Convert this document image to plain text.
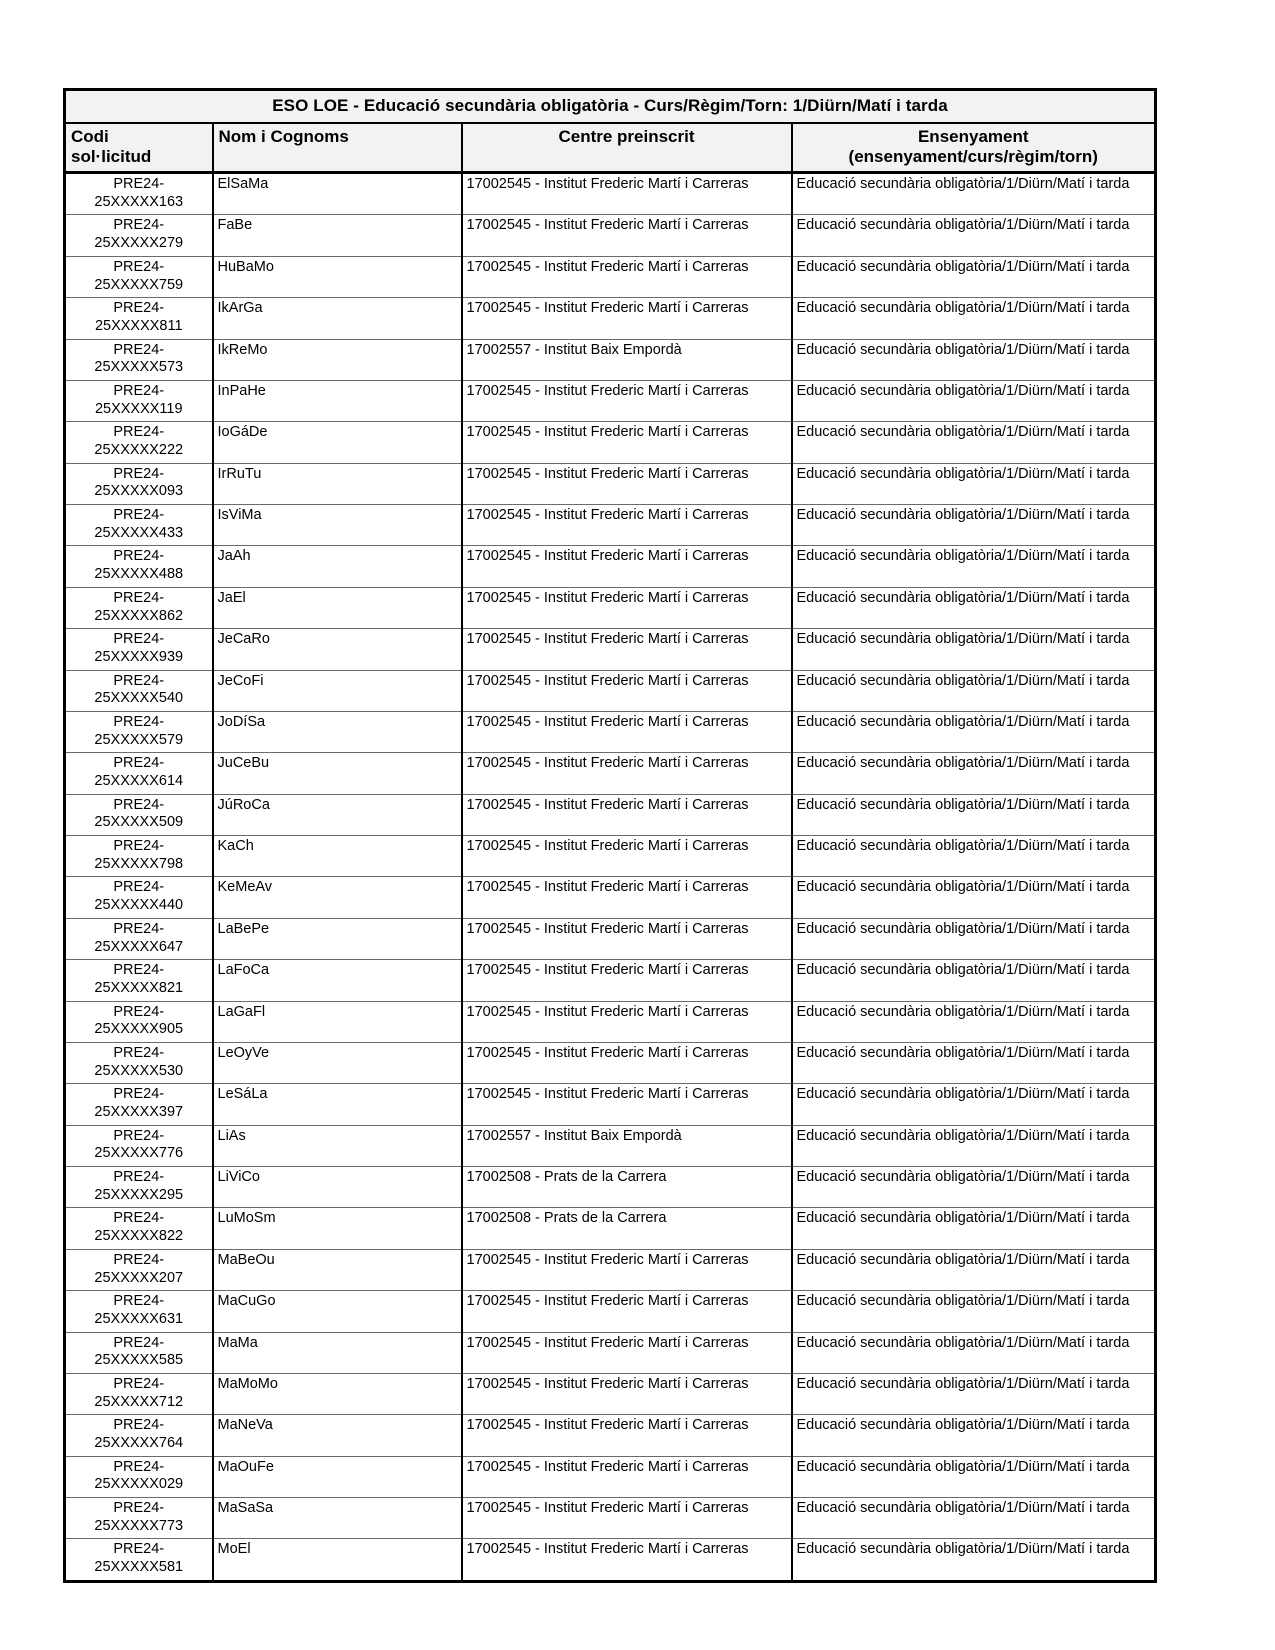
ESO LOE - Educació secundària obligatòria - Curs/Règim/Torn: 1/Diürn/Matí i tarda			

Codi
sol·licitud	Nom i Cognoms	Centre preinscrit	Ensenyament
(ensenyament/curs/règim/torn)

PRE24-
25XXXXX163	ElSaMa	17002545 - Institut Frederic Martí i Carreras	Educació secundària obligatòria/1/Diürn/Matí i tarda

PRE24-
25XXXXX279	FaBe	17002545 - Institut Frederic Martí i Carreras	Educació secundària obligatòria/1/Diürn/Matí i tarda

PRE24-
25XXXXX759	HuBaMo	17002545 - Institut Frederic Martí i Carreras	Educació secundària obligatòria/1/Diürn/Matí i tarda

PRE24-
25XXXXX811	IkArGa	17002545 - Institut Frederic Martí i Carreras	Educació secundària obligatòria/1/Diürn/Matí i tarda

PRE24-
25XXXXX573	IkReMo	17002557 - Institut Baix Empordà	Educació secundària obligatòria/1/Diürn/Matí i tarda

PRE24-
25XXXXX119	InPaHe	17002545 - Institut Frederic Martí i Carreras	Educació secundària obligatòria/1/Diürn/Matí i tarda

PRE24-
25XXXXX222	IoGáDe	17002545 - Institut Frederic Martí i Carreras	Educació secundària obligatòria/1/Diürn/Matí i tarda

PRE24-
25XXXXX093	IrRuTu	17002545 - Institut Frederic Martí i Carreras	Educació secundària obligatòria/1/Diürn/Matí i tarda

PRE24-
25XXXXX433	IsViMa	17002545 - Institut Frederic Martí i Carreras	Educació secundària obligatòria/1/Diürn/Matí i tarda

PRE24-
25XXXXX488	JaAh	17002545 - Institut Frederic Martí i Carreras	Educació secundària obligatòria/1/Diürn/Matí i tarda

PRE24-
25XXXXX862	JaEl	17002545 - Institut Frederic Martí i Carreras	Educació secundària obligatòria/1/Diürn/Matí i tarda

PRE24-
25XXXXX939	JeCaRo	17002545 - Institut Frederic Martí i Carreras	Educació secundària obligatòria/1/Diürn/Matí i tarda

PRE24-
25XXXXX540	JeCoFi	17002545 - Institut Frederic Martí i Carreras	Educació secundària obligatòria/1/Diürn/Matí i tarda

PRE24-
25XXXXX579	JoDíSa	17002545 - Institut Frederic Martí i Carreras	Educació secundària obligatòria/1/Diürn/Matí i tarda

PRE24-
25XXXXX614	JuCeBu	17002545 - Institut Frederic Martí i Carreras	Educació secundària obligatòria/1/Diürn/Matí i tarda

PRE24-
25XXXXX509	JúRoCa	17002545 - Institut Frederic Martí i Carreras	Educació secundària obligatòria/1/Diürn/Matí i tarda

PRE24-
25XXXXX798	KaCh	17002545 - Institut Frederic Martí i Carreras	Educació secundària obligatòria/1/Diürn/Matí i tarda

PRE24-
25XXXXX440	KeMeAv	17002545 - Institut Frederic Martí i Carreras	Educació secundària obligatòria/1/Diürn/Matí i tarda

PRE24-
25XXXXX647	LaBePe	17002545 - Institut Frederic Martí i Carreras	Educació secundària obligatòria/1/Diürn/Matí i tarda

PRE24-
25XXXXX821	LaFoCa	17002545 - Institut Frederic Martí i Carreras	Educació secundària obligatòria/1/Diürn/Matí i tarda

PRE24-
25XXXXX905	LaGaFl	17002545 - Institut Frederic Martí i Carreras	Educació secundària obligatòria/1/Diürn/Matí i tarda

PRE24-
25XXXXX530	LeOyVe	17002545 - Institut Frederic Martí i Carreras	Educació secundària obligatòria/1/Diürn/Matí i tarda

PRE24-
25XXXXX397	LeSáLa	17002545 - Institut Frederic Martí i Carreras	Educació secundària obligatòria/1/Diürn/Matí i tarda

PRE24-
25XXXXX776	LiAs	17002557 - Institut Baix Empordà	Educació secundària obligatòria/1/Diürn/Matí i tarda

PRE24-
25XXXXX295	LiViCo	17002508 - Prats de la Carrera	Educació secundària obligatòria/1/Diürn/Matí i tarda

PRE24-
25XXXXX822	LuMoSm	17002508 - Prats de la Carrera	Educació secundària obligatòria/1/Diürn/Matí i tarda

PRE24-
25XXXXX207	MaBeOu	17002545 - Institut Frederic Martí i Carreras	Educació secundària obligatòria/1/Diürn/Matí i tarda

PRE24-
25XXXXX631	MaCuGo	17002545 - Institut Frederic Martí i Carreras	Educació secundària obligatòria/1/Diürn/Matí i tarda

PRE24-
25XXXXX585	MaMa	17002545 - Institut Frederic Martí i Carreras	Educació secundària obligatòria/1/Diürn/Matí i tarda

PRE24-
25XXXXX712	MaMoMo	17002545 - Institut Frederic Martí i Carreras	Educació secundària obligatòria/1/Diürn/Matí i tarda

PRE24-
25XXXXX764	MaNeVa	17002545 - Institut Frederic Martí i Carreras	Educació secundària obligatòria/1/Diürn/Matí i tarda

PRE24-
25XXXXX029	MaOuFe	17002545 - Institut Frederic Martí i Carreras	Educació secundària obligatòria/1/Diürn/Matí i tarda

PRE24-
25XXXXX773	MaSaSa	17002545 - Institut Frederic Martí i Carreras	Educació secundària obligatòria/1/Diürn/Matí i tarda

PRE24-
25XXXXX581	MoEl	17002545 - Institut Frederic Martí i Carreras	Educació secundària obligatòria/1/Diürn/Matí i tarda
